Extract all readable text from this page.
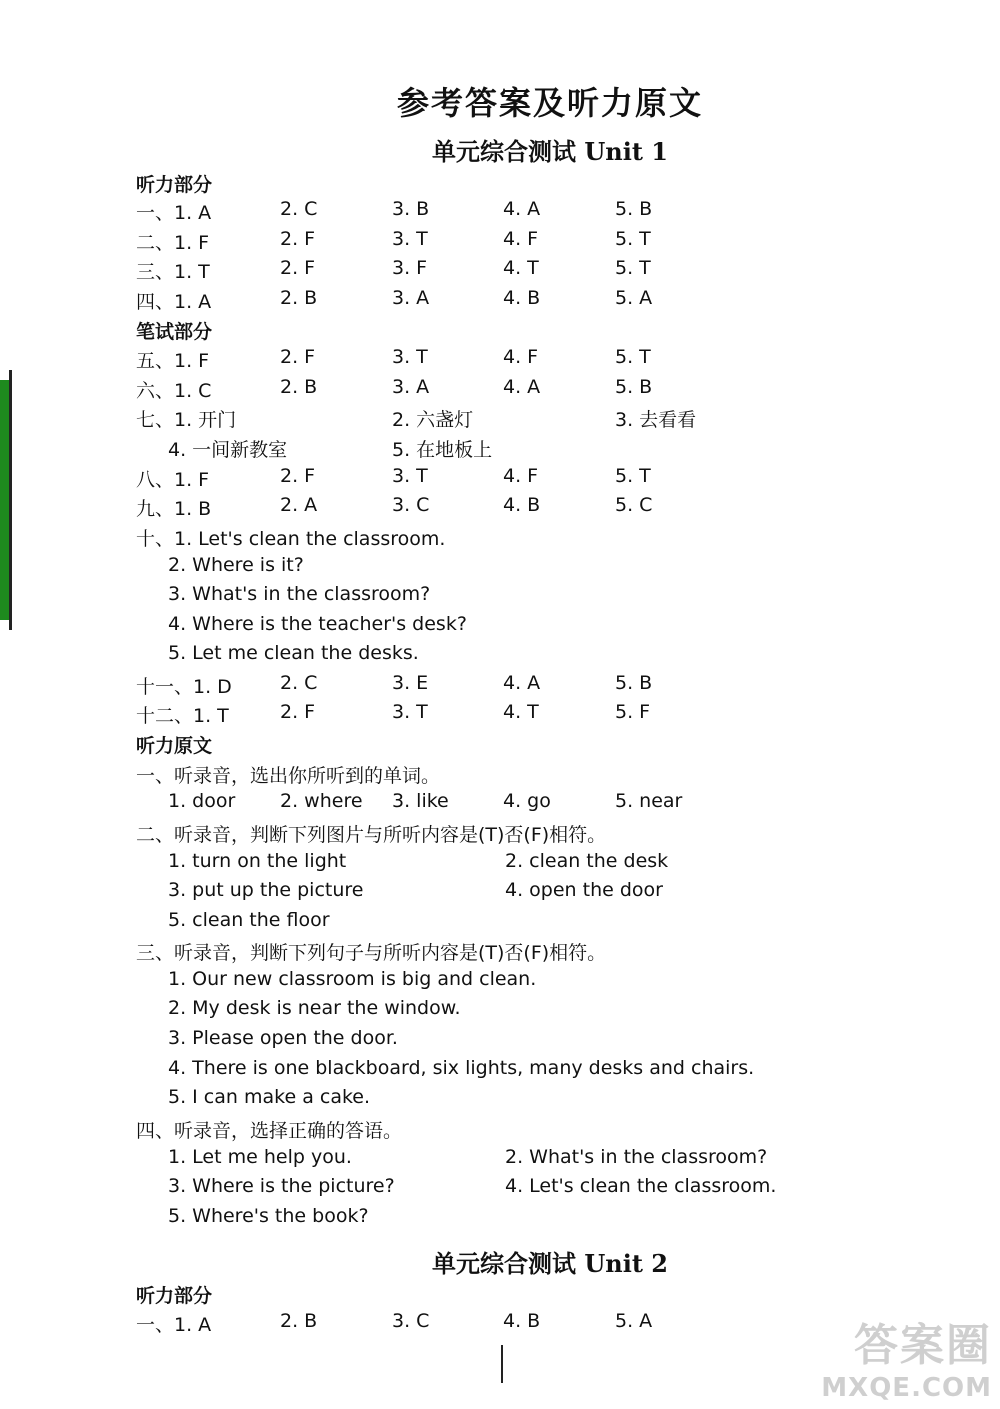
参考答案及听力原文
单元综合测试 Unit 1
听力部分
一、1. A	2. C	3. B	4. A	5. B
二、1. F	2. F	3. T	4. F	5. T
三、1. T	2. F	3. F	4. T	5. T
四、1. A	2. B	3. A	4. B	5. A
笔试部分
五、1. F	2. F	3. T	4. F	5. T
六、1. C	2. B	3. A	4. A	5. B
七、1. 开门	2. 六盏灯	3. 去看看
4. 一间新教室	5. 在地板上
八、1. F	2. F	3. T	4. F	5. T
九、1. B	2. A	3. C	4. B	5. C
十、1. Let's clean the classroom.
2. Where is it?
3. What's in the classroom?
4. Where is the teacher's desk?
5. Let me clean the desks.
十一、1. D	2. C	3. E	4. A	5. B
十二、1. T	2. F	3. T	4. T	5. F
听力原文
一、听录音，选出你所听到的单词。
1. door 2. where 3. like	4. go	5. near
二、听录音，判断下列图片与所听内容是(T)否(F)相符。
1. turn on the light	2. clean the desk
3. put up the picture	4. open the door
5. clean the floor
三、听录音，判断下列句子与所听内容是(T)否(F)相符。
1. Our new classroom is big and clean.
2. My desk is near the window.
3. Please open the door.
4. There is one blackboard, six lights, many desks and chairs.
5. I can make a cake.
四、听录音，选择正确的答语。
1. Let me help you.	2. What's in the classroom?
3. Where is the picture?	4. Let's clean the classroom.
5. Where's the book?
单元综合测试 Unit 2
听力部分
一、1. A	2. B	3. C	4. B	5. A	答案圈
MXQE.COM
